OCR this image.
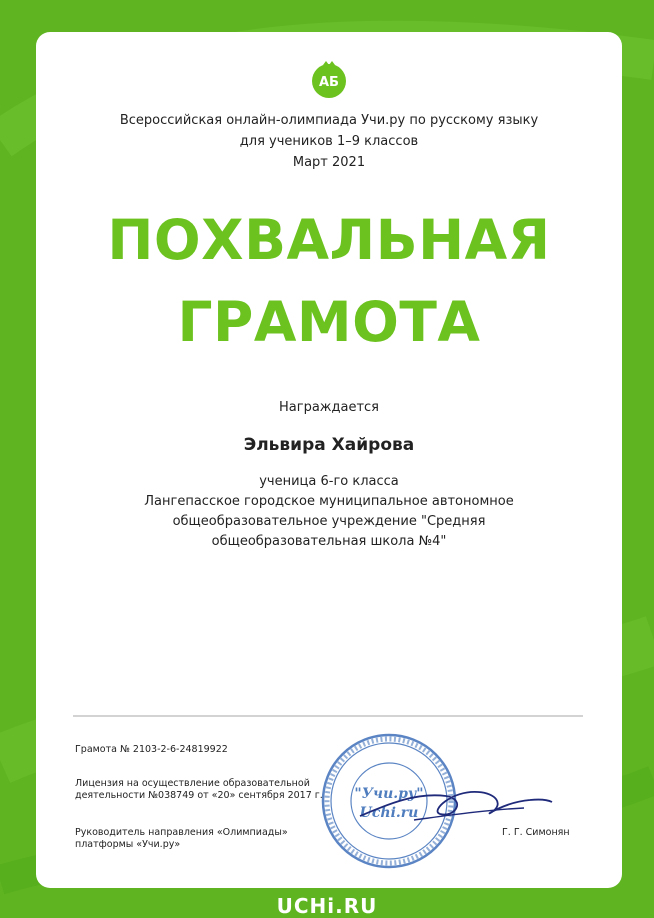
АБ

Всероссийская онлайн-олимпиада Учи.ру по русскому языку

для учеников 1–9 классов

Март 2021

ПОХВАЛЬНАЯ
ГРАМОТА

Награждается

Эльвира Хайрова

ученица 6-го класса

Лангепасское городское муниципальное автономное

общеобразовательное учреждение "Средняя

общеобразовательная школа №4"

Грамота № 2103-2-6-24819922

Лицензия на осуществление образовательной

деятельности №038749 от «20» сентября 2017 г.

Руководитель направления «Олимпиады»

платформы «Учи.ру»

"Учи.ру"
Uchi.ru

Г. Г. Симонян

UCHi.RU
